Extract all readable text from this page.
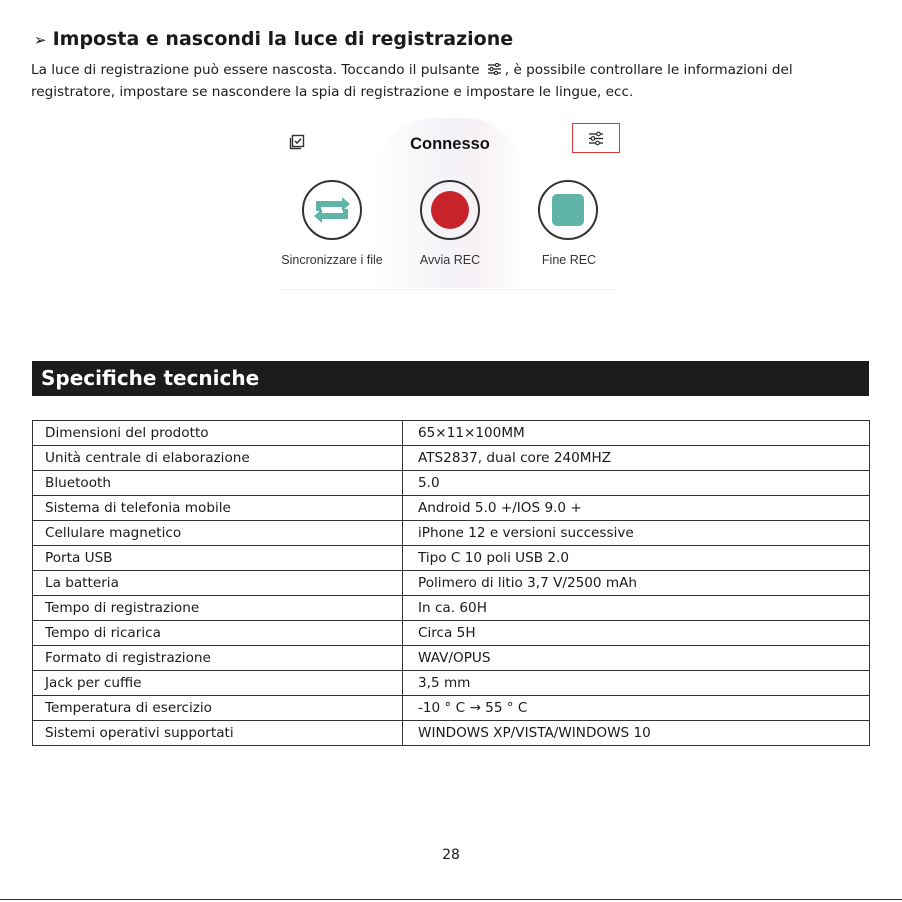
➢ Imposta e nascondi la luce di registrazione
La luce di registrazione può essere nascosta. Toccando il pulsante , è possibile controllare le informazioni del
registratore, impostare se nascondere la spia di registrazione e impostare le lingue, ecc.
Connesso
Sincronizzare i file	Avvia REC	Fine REC
Specifiche tecniche
Dimensioni del prodotto	65×11×100MM
Unità centrale di elaborazione	ATS2837, dual core 240MHZ
Bluetooth	5.0
Sistema di telefonia mobile	Android 5.0 +/IOS 9.0 +
Cellulare magnetico	iPhone 12 e versioni successive
Porta USB	Tipo C 10 poli USB 2.0
La batteria	Polimero di litio 3,7 V/2500 mAh
Tempo di registrazione	In ca. 60H
Tempo di ricarica	Circa 5H
Formato di registrazione	WAV/OPUS
Jack per cuffie	3,5 mm
Temperatura di esercizio	-10 ° C → 55 ° C
Sistemi operativi supportati	WINDOWS XP/VISTA/WINDOWS 10
28
